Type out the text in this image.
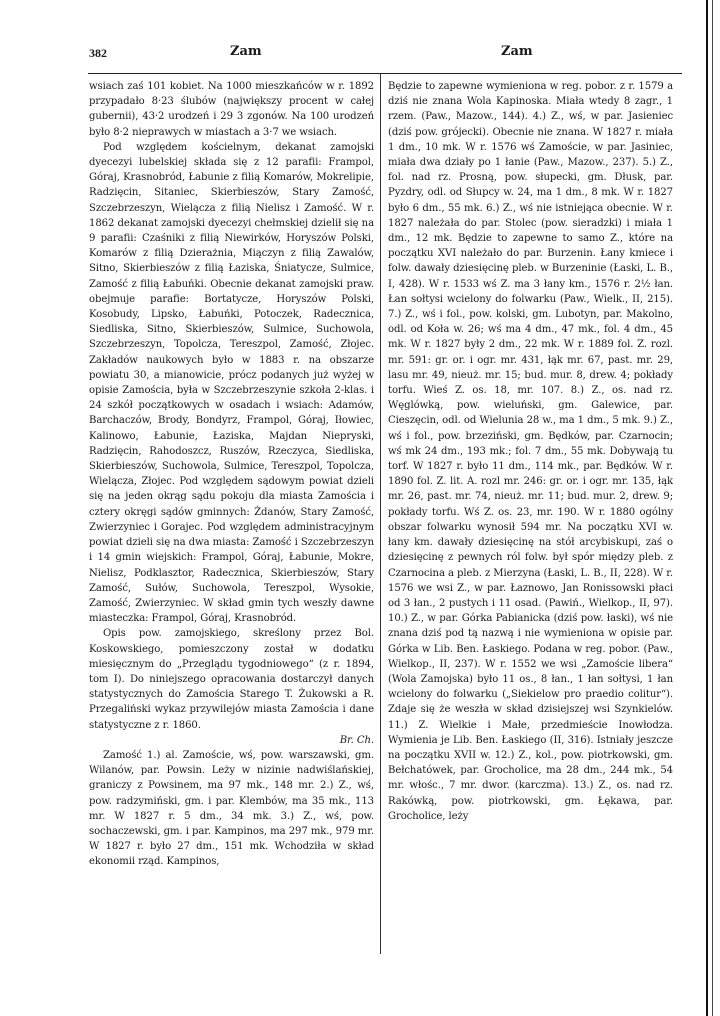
382	Zam	Zam

wsiach zaś 101 kobiet. Na 1000 mieszkańców w r. 1892 przypadało 8·23 ślubów (największy procent w całej gubernii), 43·2 urodzeń i 29 3 zgonów. Na 100 urodzeń było 8·2 nieprawych w miastach a 3·7 we wsiach.

Pod względem kościelnym, dekanat zamojski dyecezyi lubelskiej składa się z 12 parafii: Frampol, Góraj, Krasnobród, Łabunie z filią Komarów, Mokrelipie, Radzięcin, Sitaniec, Skierbieszów, Stary Zamość, Szczebrzeszyn, Wielącza z filią Nielisz i Zamość. W r. 1862 dekanat zamojski dyecezyi chełmskiej dzielił się na 9 parafii: Czaśniki z filią Niewirków, Horyszów Polski, Komarów z filią Dzierażnia, Miączyn z filią Zawalów, Sitno, Skierbieszów z filią Łaziska, Śniatycze, Sulmice, Zamość z filią Łabuńki. Obecnie dekanat zamojski praw. obejmuje parafie: Bortatycze, Horyszów Polski, Kosobudy, Lipsko, Łabuńki, Potoczek, Radecznica, Siedliska, Sitno, Skierbieszów, Sulmice, Suchowola, Szczebrzeszyn, Topolcza, Tereszpol, Zamość, Złojec. Zakładów naukowych było w 1883 r. na obszarze powiatu 30, a mianowicie, prócz podanych już wyżej w opisie Zamościa, była w Szczebrzeszynie szkoła 2-klas. i 24 szkół początkowych w osadach i wsiach: Adamów, Barchaczów, Brody, Bondyrz, Frampol, Góraj, Iłowiec, Kalinowo, Łabunie, Łaziska, Majdan Niepryski, Radzięcin, Rahodoszcz, Ruszów, Rzeczyca, Siedliska, Skierbieszów, Suchowola, Sulmice, Tereszpol, Topolcza, Wielącza, Złojec. Pod względem sądowym powiat dzieli się na jeden okrąg sądu pokoju dla miasta Zamościa i cztery okręgi sądów gminnych: Żdanów, Stary Zamość, Zwierzyniec i Gorajec. Pod względem administracyjnym powiat dzieli się na dwa miasta: Zamość i Szczebrzeszyn i 14 gmin wiejskich: Frampol, Góraj, Łabunie, Mokre, Nielisz, Podklasztor, Radecznica, Skierbieszów, Stary Zamość, Sułów, Suchowola, Tereszpol, Wysokie, Zamość, Zwierzyniec. W skład gmin tych weszły dawne miasteczka: Frampol, Góraj, Krasnobród.

Opis pow. zamojskiego, skreślony przez Bol. Koskowskiego, pomieszczony został w dodatku miesięcznym do „Przeglądu tygodniowego“ (z r. 1894, tom I). Do niniejszego opracowania dostarczył danych statystycznych do Zamościa Starego T. Żukowski a R. Przegaliński wykaz przywilejów miasta Zamościa i dane statystyczne z r. 1860.

Br. Ch.

Zamość 1.) al. Zamoście, wś, pow. warszawski, gm. Wilanów, par. Powsin. Leży w nizinie nadwiślańskiej, graniczy z Powsinem, ma 97 mk., 148 mr. 2.) Z., wś, pow. radzymiński, gm. i par. Klembów, ma 35 mk., 113 mr. W 1827 r. 5 dm., 34 mk. 3.) Z., wś, pow. sochaczewski, gm. i par. Kampinos, ma 297 mk., 979 mr. W 1827 r. było 27 dm., 151 mk. Wchodziła w skład ekonomii rząd. Kampinos,

Będzie to zapewne wymieniona w reg. pobor. z r. 1579 a dziś nie znana Wola Kapinoska. Miała wtedy 8 zagr., 1 rzem. (Paw., Mazow., 144). 4.) Z., wś, w par. Jasieniec (dziś pow. grójecki). Obecnie nie znana. W 1827 r. miała 1 dm., 10 mk. W r. 1576 wś Zamoście, w par. Jasiniec, miała dwa działy po 1 łanie (Paw., Mazow., 237). 5.) Z., fol. nad rz. Prosną, pow. słupecki, gm. Dłusk, par. Pyzdry, odl. od Słupcy w. 24, ma 1 dm., 8 mk. W r. 1827 było 6 dm., 55 mk. 6.) Z., wś nie istniejąca obecnie. W r. 1827 należała do par. Stolec (pow. sieradzki) i miała 1 dm., 12 mk. Będzie to zapewne to samo Z., które na początku XVI należało do par. Burzenin. Łany kmiece i folw. dawały dziesięcinę pleb. w Burzeninie (Łaski, L. B., I, 428). W r. 1533 wś Z. ma 3 łany km., 1576 r. 2½ łan. Łan sołtysi wcielony do folwarku (Paw., Wielk., II, 215). 7.) Z., wś i fol., pow. kolski, gm. Lubotyn, par. Makolno, odl. od Koła w. 26; wś ma 4 dm., 47 mk., fol. 4 dm., 45 mk. W r. 1827 były 2 dm., 22 mk. W r. 1889 fol. Z. rozl. mr. 591: gr. or. i ogr. mr. 431, łąk mr. 67, past. mr. 29, lasu mr. 49, nieuż. mr. 15; bud. mur. 8, drew. 4; pokłady torfu. Wieś Z. os. 18, mr. 107. 8.) Z., os. nad rz. Węglówką, pow. wieluński, gm. Galewice, par. Cieszęcin, odl. od Wielunia 28 w., ma 1 dm., 5 mk. 9.) Z., wś i fol., pow. brzeziński, gm. Będków, par. Czarnocin; wś mk 24 dm., 193 mk.; fol. 7 dm., 55 mk. Dobywają tu torf. W 1827 r. było 11 dm., 114 mk., par. Będków. W r. 1890 fol. Z. lit. A. rozl mr. 246: gr. or. i ogr. mr. 135, łąk mr. 26, past. mr. 74, nieuż. mr. 11; bud. mur. 2, drew. 9; pokłady torfu. Wś Z. os. 23, mr. 190. W r. 1880 ogólny obszar folwarku wynosił 594 mr. Na początku XVI w. łany km. dawały dziesięcinę na stół arcybiskupi, zaś o dziesięcinę z pewnych ról folw. był spór między pleb. z Czarnocina a pleb. z Mierzyna (Łaski, L. B., II, 228). W r. 1576 we wsi Z., w par. Łaznowo, Jan Ronissowski płaci od 3 łan., 2 pustych i 11 osad. (Pawiń., Wielkop., II, 97). 10.) Z., w par. Górka Pabianicka (dziś pow. łaski), wś nie znana dziś pod tą nazwą i nie wymieniona w opisie par. Górka w Lib. Ben. Łaskiego. Podana w reg. pobor. (Paw., Wielkop., II, 237). W r. 1552 we wsi „Zamoście libera“ (Wola Zamojska) było 11 os., 8 łan., 1 łan sołtysi, 1 łan wcielony do folwarku („Siekielow pro praedio colitur“). Zdaje się że weszła w skład dzisiejszej wsi Szynkielów. 11.) Z. Wielkie i Małe, przedmieście Inowłodza. Wymienia je Lib. Ben. Łaskiego (II, 316). Istniały jeszcze na początku XVII w. 12.) Z., kol., pow. piotrkowski, gm. Bełchatówek, par. Grocholice, ma 28 dm., 244 mk., 54 mr. włośc., 7 mr. dwor. (karczma). 13.) Z., os. nad rz. Rakówką, pow. piotrkowski, gm. Łękawa, par. Grocholice, leży
